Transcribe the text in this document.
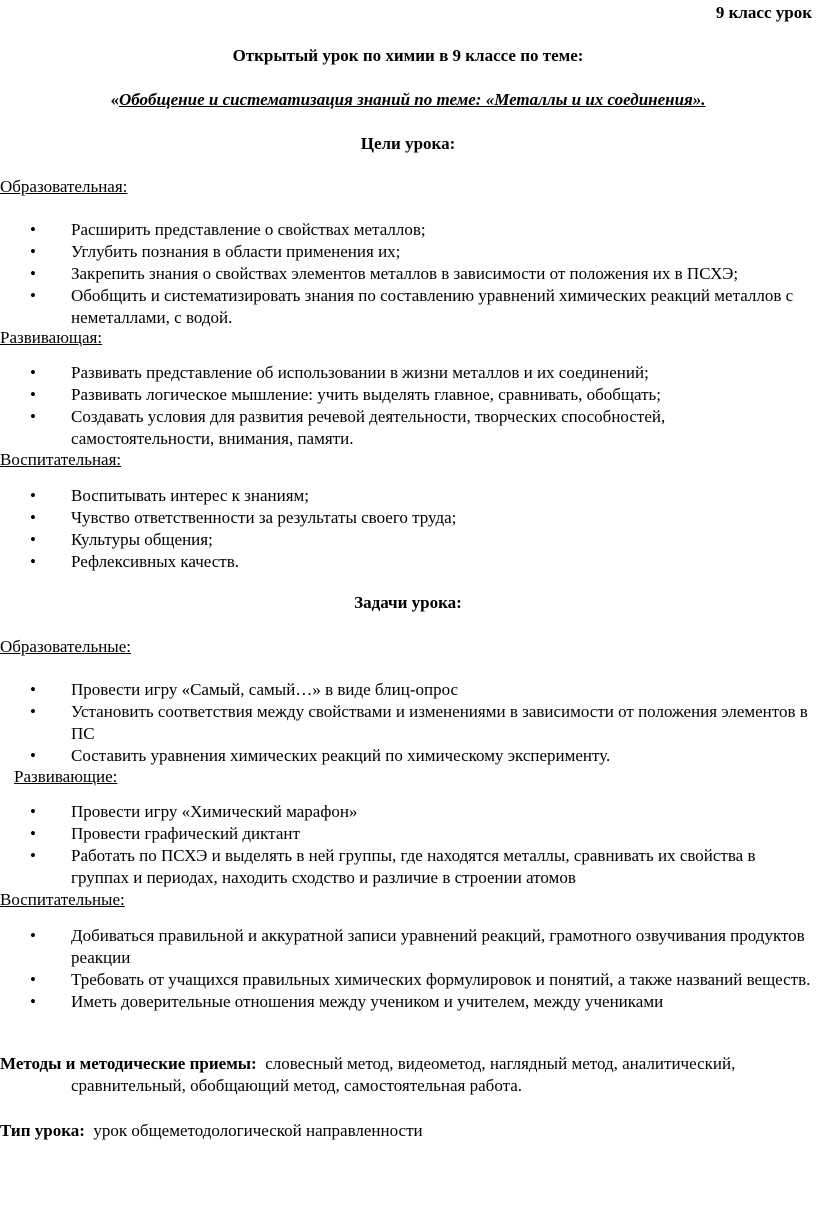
9 класс урок
Открытый урок по химии в 9 классе по теме:
«Обобщение и систематизация знаний по теме: «Металлы и их соединения».
Цели урока:
Образовательная:
• Расширить представление о свойствах металлов;
• Углубить познания в области применения их;
• Закрепить знания о свойствах элементов металлов в зависимости от положения их в ПСХЭ;
• Обобщить и систематизировать знания по составлению уравнений химических реакций металлов с неметаллами, с водой.
Развивающая:
• Развивать представление об использовании в жизни металлов и их соединений;
• Развивать логическое мышление: учить выделять главное, сравнивать, обобщать;
• Создавать условия для развития речевой деятельности, творческих способностей, самостоятельности, внимания, памяти.
Воспитательная:
• Воспитывать интерес к знаниям;
• Чувство ответственности за результаты своего труда;
• Культуры общения;
• Рефлексивных качеств.
Задачи урока:
Образовательные:
• Провести игру «Самый, самый…» в виде блиц-опрос
• Установить соответствия между свойствами и изменениями в зависимости от положения элементов в ПС
• Составить уравнения химических реакций по химическому эксперименту.
Развивающие:
• Провести игру «Химический марафон»
• Провести графический диктант
• Работать по ПСХЭ и выделять в ней группы, где находятся металлы, сравнивать их свойства в группах и периодах, находить сходство и различие в строении атомов
Воспитательные:
• Добиваться правильной и аккуратной записи уравнений реакций, грамотного озвучивания продуктов реакции
• Требовать от учащихся правильных химических формулировок и понятий, а также названий веществ.
• Иметь доверительные отношения между учеником и учителем, между учениками
Методы и методические приемы: словесный метод, видеометод, наглядный метод, аналитический, сравнительный, обобщающий метод, самостоятельная работа.
Тип урока: урок общеметодологической направленности
